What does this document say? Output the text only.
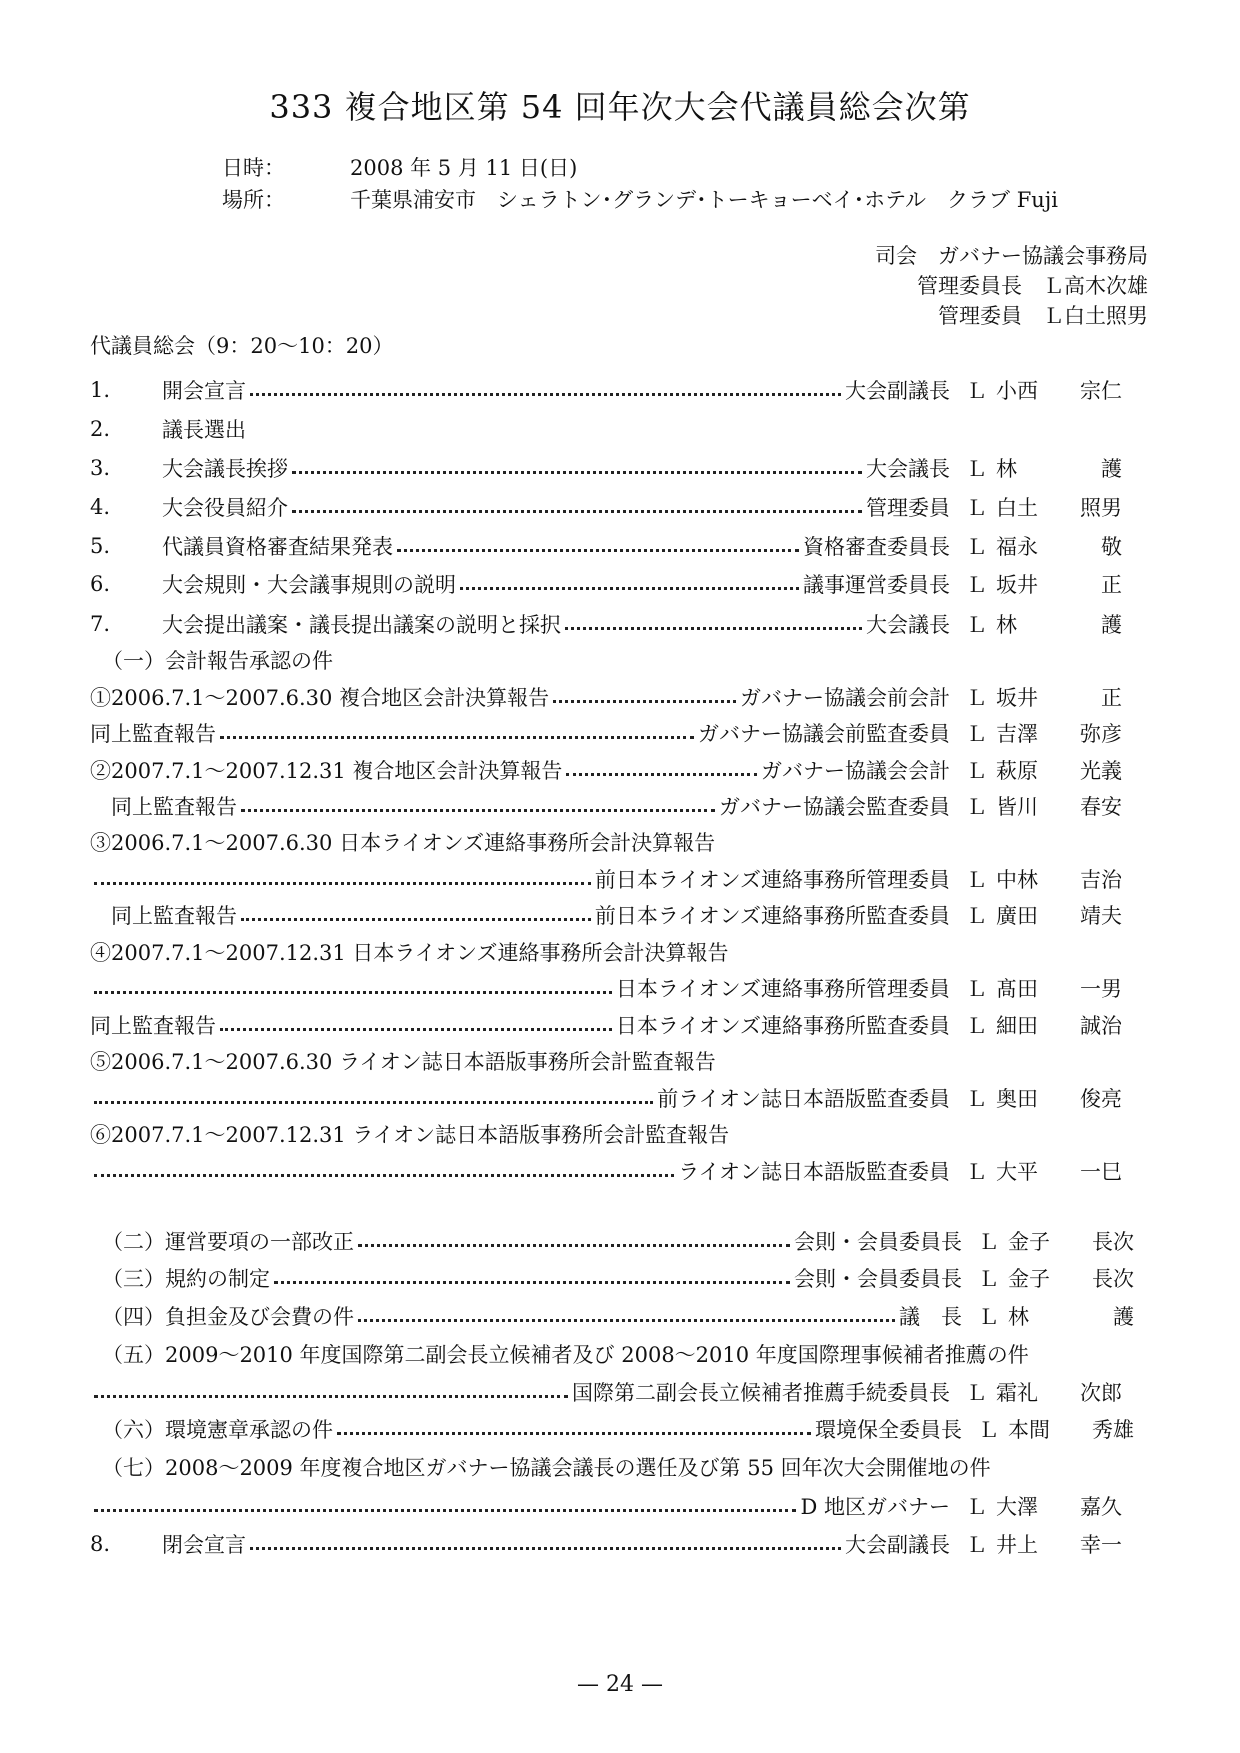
333 複合地区第 54 回年次大会代議員総会次第
日時：	2008 年 5 月 11 日(日)
場所：	千葉県浦安市　シェラトン･グランデ･トーキョーベイ･ホテル　クラブ Fuji
司会　ガバナー協議会事務局
管理委員長　Ｌ高木次雄
管理委員　Ｌ白土照男
代議員総会（9：20～10：20）
1.	開会宣言	大会副議長 Ｌ 小西 宗仁
2.	議長選出
3.	大会議長挨拶	大会議長 Ｌ 林	護
4.	大会役員紹介	管理委員 Ｌ 白土 照男
5.	代議員資格審査結果発表	資格審査委員長 Ｌ 福永	敬
6.	大会規則・大会議事規則の説明	議事運営委員長 Ｌ 坂井	正
7.	大会提出議案・議長提出議案の説明と採択	大会議長 Ｌ 林	護
（一）会計報告承認の件
①2006.7.1～2007.6.30 複合地区会計決算報告	ガバナー協議会前会計 Ｌ 坂井	正
同上監査報告	ガバナー協議会前監査委員 Ｌ 吉澤 弥彦
②2007.7.1～2007.12.31 複合地区会計決算報告	ガバナー協議会会計 Ｌ 萩原 光義
　同上監査報告	ガバナー協議会監査委員 Ｌ 皆川 春安
③2006.7.1～2007.6.30 日本ライオンズ連絡事務所会計決算報告
前日本ライオンズ連絡事務所管理委員 Ｌ 中林 吉治
　同上監査報告	前日本ライオンズ連絡事務所監査委員 Ｌ 廣田 靖夫
④2007.7.1～2007.12.31 日本ライオンズ連絡事務所会計決算報告
日本ライオンズ連絡事務所管理委員 Ｌ 髙田 一男
同上監査報告	日本ライオンズ連絡事務所監査委員 Ｌ 細田 誠治
⑤2006.7.1～2007.6.30 ライオン誌日本語版事務所会計監査報告
前ライオン誌日本語版監査委員 Ｌ 奥田 俊亮
⑥2007.7.1～2007.12.31 ライオン誌日本語版事務所会計監査報告
ライオン誌日本語版監査委員 Ｌ 大平 一巳
（二）運営要項の一部改正	会則・会員委員長 Ｌ 金子 長次
（三）規約の制定	会則・会員委員長 Ｌ 金子 長次
（四）負担金及び会費の件	議　長 Ｌ 林	護
（五）2009～2010 年度国際第二副会長立候補者及び 2008～2010 年度国際理事候補者推薦の件
国際第二副会長立候補者推薦手続委員長 Ｌ 霜礼 次郎
（六）環境憲章承認の件	環境保全委員長 Ｌ 本間 秀雄
（七）2008～2009 年度複合地区ガバナー協議会議長の選任及び第 55 回年次大会開催地の件
D 地区ガバナー Ｌ 大澤 嘉久
8.	閉会宣言	大会副議長 Ｌ 井上 幸一
— 24 —
